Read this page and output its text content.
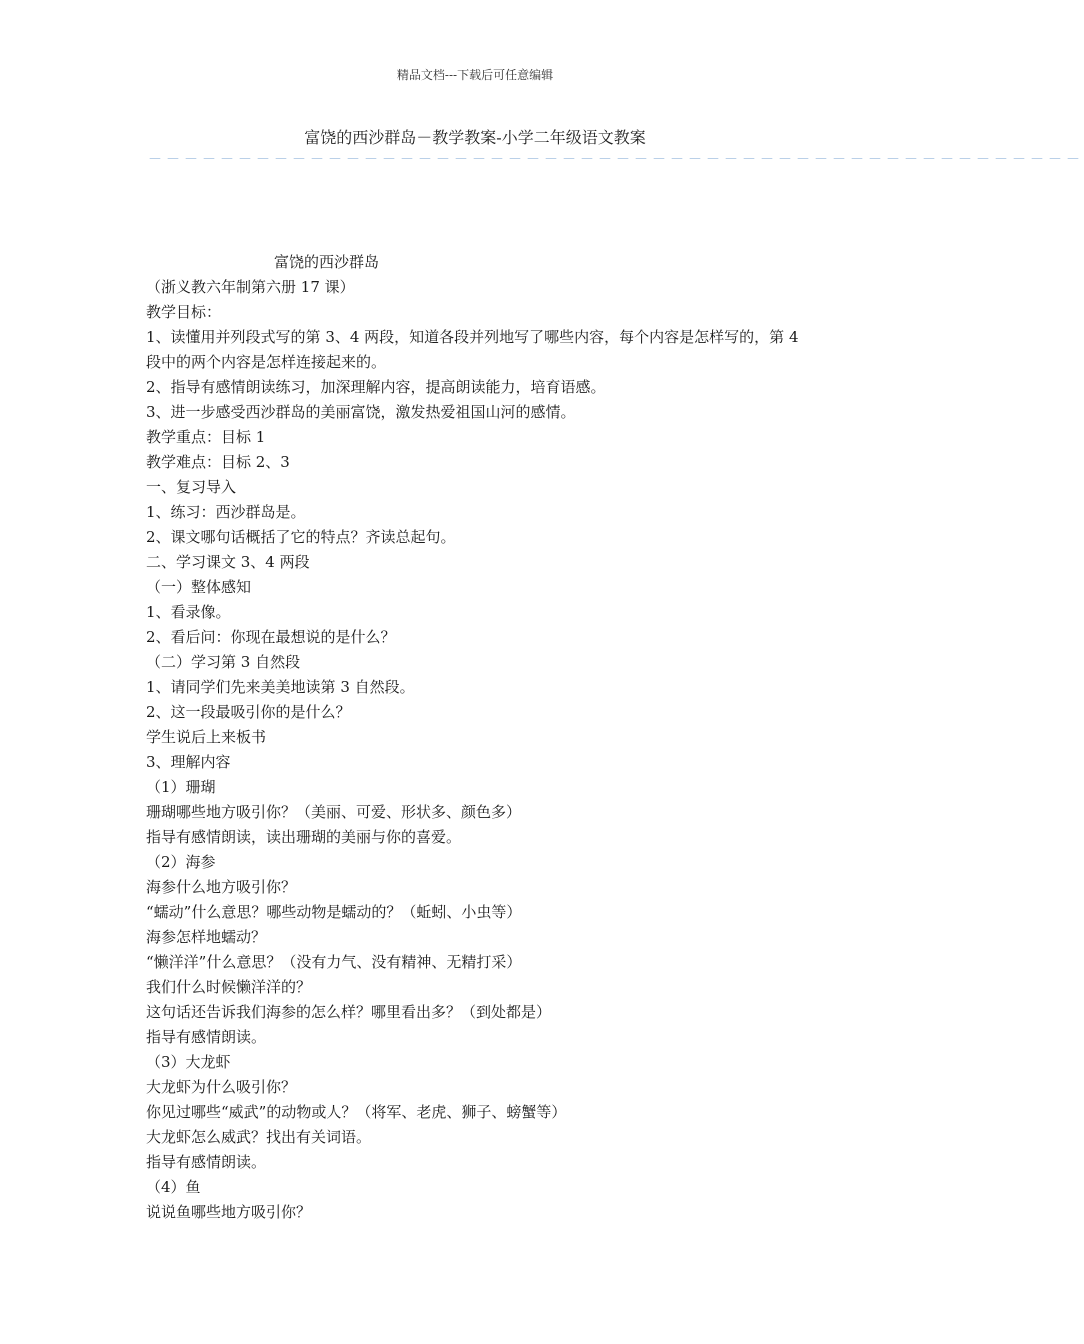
精品文档---下载后可任意编辑
富饶的西沙群岛－教学教案-小学二年级语文教案
－－－－－－－－－－－－－－－－－－－－－－－－－－－－－－－－－－－－－－－－－－－－－－－－－－－－
富饶的西沙群岛
（浙义教六年制第六册 17 课）
教学目标：
1、读懂用并列段式写的第 3、4 两段，知道各段并列地写了哪些内容，每个内容是怎样写的，第 4 段中的两个内容是怎样连接起来的。
2、指导有感情朗读练习，加深理解内容，提高朗读能力，培育语感。
3、进一步感受西沙群岛的美丽富饶，激发热爱祖国山河的感情。
教学重点：目标 1
教学难点：目标 2、3
一、复习导入
1、练习：西沙群岛是。
2、课文哪句话概括了它的特点？齐读总起句。
二、学习课文 3、4 两段
（一）整体感知
1、看录像。
2、看后问：你现在最想说的是什么？
（二）学习第 3 自然段
1、请同学们先来美美地读第 3 自然段。
2、这一段最吸引你的是什么？
学生说后上来板书
3、理解内容
（1）珊瑚
珊瑚哪些地方吸引你？（美丽、可爱、形状多、颜色多）
指导有感情朗读，读出珊瑚的美丽与你的喜爱。
（2）海参
海参什么地方吸引你？
“蠕动”什么意思？哪些动物是蠕动的？（蚯蚓、小虫等）
海参怎样地蠕动？
“懒洋洋”什么意思？（没有力气、没有精神、无精打采）
我们什么时候懒洋洋的？
这句话还告诉我们海参的怎么样？哪里看出多？（到处都是）
指导有感情朗读。
（3）大龙虾
大龙虾为什么吸引你？
你见过哪些“威武”的动物或人？（将军、老虎、狮子、螃蟹等）
大龙虾怎么威武？找出有关词语。
指导有感情朗读。
（4）鱼
说说鱼哪些地方吸引你？
